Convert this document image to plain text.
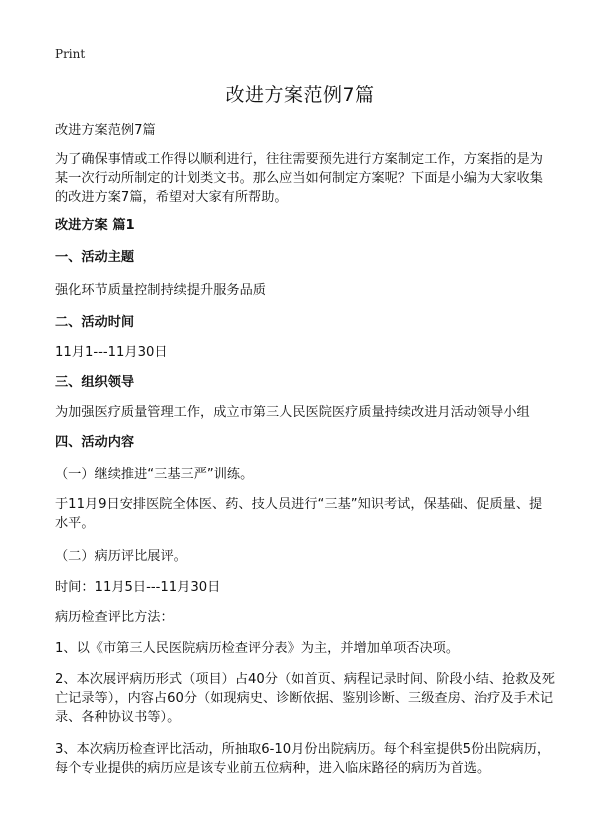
Print
改进方案范例7篇

改进方案范例7篇

为了确保事情或工作得以顺利进行，往往需要预先进行方案制定工作，方案指的是为某一次行动所制定的计划类文书。那么应当如何制定方案呢？下面是小编为大家收集的改进方案7篇，希望对大家有所帮助。

改进方案 篇1

一、活动主题

强化环节质量控制持续提升服务品质

二、活动时间

11月1---11月30日

三、组织领导

为加强医疗质量管理工作，成立市第三人民医院医疗质量持续改进月活动领导小组

四、活动内容

（一）继续推进“三基三严”训练。

于11月9日安排医院全体医、药、技人员进行“三基”知识考试，保基础、促质量、提水平。

（二）病历评比展评。

时间：11月5日---11月30日

病历检查评比方法：

1、以《市第三人民医院病历检查评分表》为主，并增加单项否决项。

2、本次展评病历形式（项目）占40分（如首页、病程记录时间、阶段小结、抢救及死亡记录等），内容占60分（如现病史、诊断依据、鉴别诊断、三级查房、治疗及手术记录、各种协议书等）。

3、本次病历检查评比活动，所抽取6-10月份出院病历。每个科室提供5份出院病历，每个专业提供的病历应是该专业前五位病种，进入临床路径的病历为首选。
